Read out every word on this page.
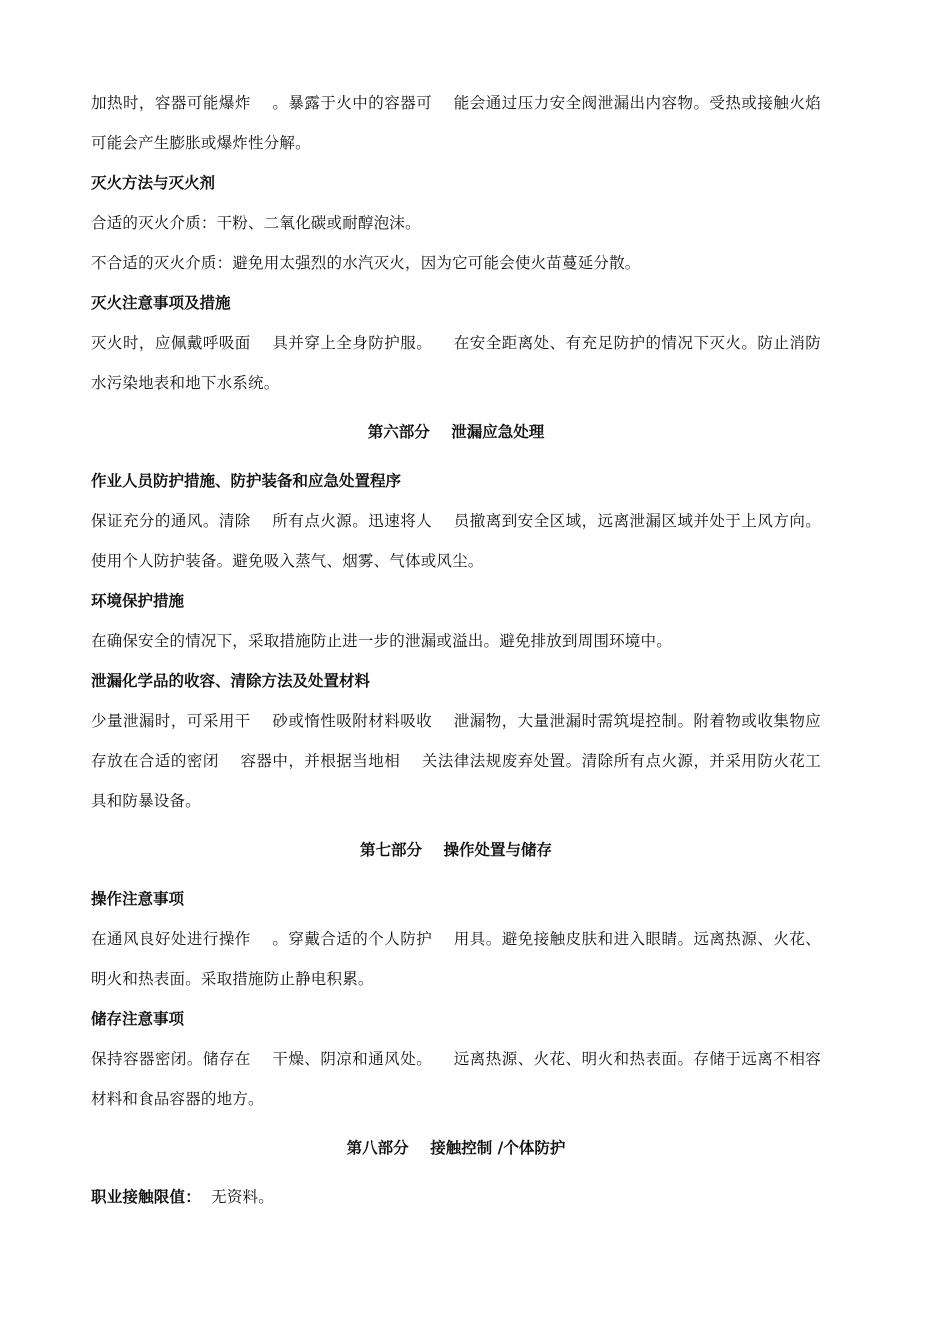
加热时，容器可能爆炸    。暴露于火中的容器可    能会通过压力安全阀泄漏出内容物。受热或接触火焰可能会产生膨胀或爆炸性分解。

灭火方法与灭火剂

合适的灭火介质：干粉、二氧化碳或耐醇泡沫。

不合适的灭火介质：避免用太强烈的水汽灭火，因为它可能会使火苗蔓延分散。

灭火注意事项及措施

灭火时，应佩戴呼吸面    具并穿上全身防护服。    在安全距离处、有充足防护的情况下灭火。防止消防水污染地表和地下水系统。

第六部分    泄漏应急处理
作业人员防护措施、防护装备和应急处置程序

保证充分的通风。清除    所有点火源。迅速将人    员撤离到安全区域，远离泄漏区域并处于上风方向。使用个人防护装备。避免吸入蒸气、烟雾、气体或风尘。

环境保护措施

在确保安全的情况下，采取措施防止进一步的泄漏或溢出。避免排放到周围环境中。

泄漏化学品的收容、清除方法及处置材料

少量泄漏时，可采用干    砂或惰性吸附材料吸收    泄漏物，大量泄漏时需筑堤控制。附着物或收集物应存放在合适的密闭    容器中，并根据当地相    关法律法规废弃处置。清除所有点火源，并采用防火花工具和防暴设备。

第七部分    操作处置与储存
操作注意事项

在通风良好处进行操作    。穿戴合适的个人防护    用具。避免接触皮肤和进入眼睛。远离热源、火花、明火和热表面。采取措施防止静电积累。

储存注意事项

保持容器密闭。储存在    干燥、阴凉和通风处。    远离热源、火花、明火和热表面。存储于远离不相容材料和食品容器的地方。

第八部分    接触控制 /个体防护

职业接触限值：  无资料。
